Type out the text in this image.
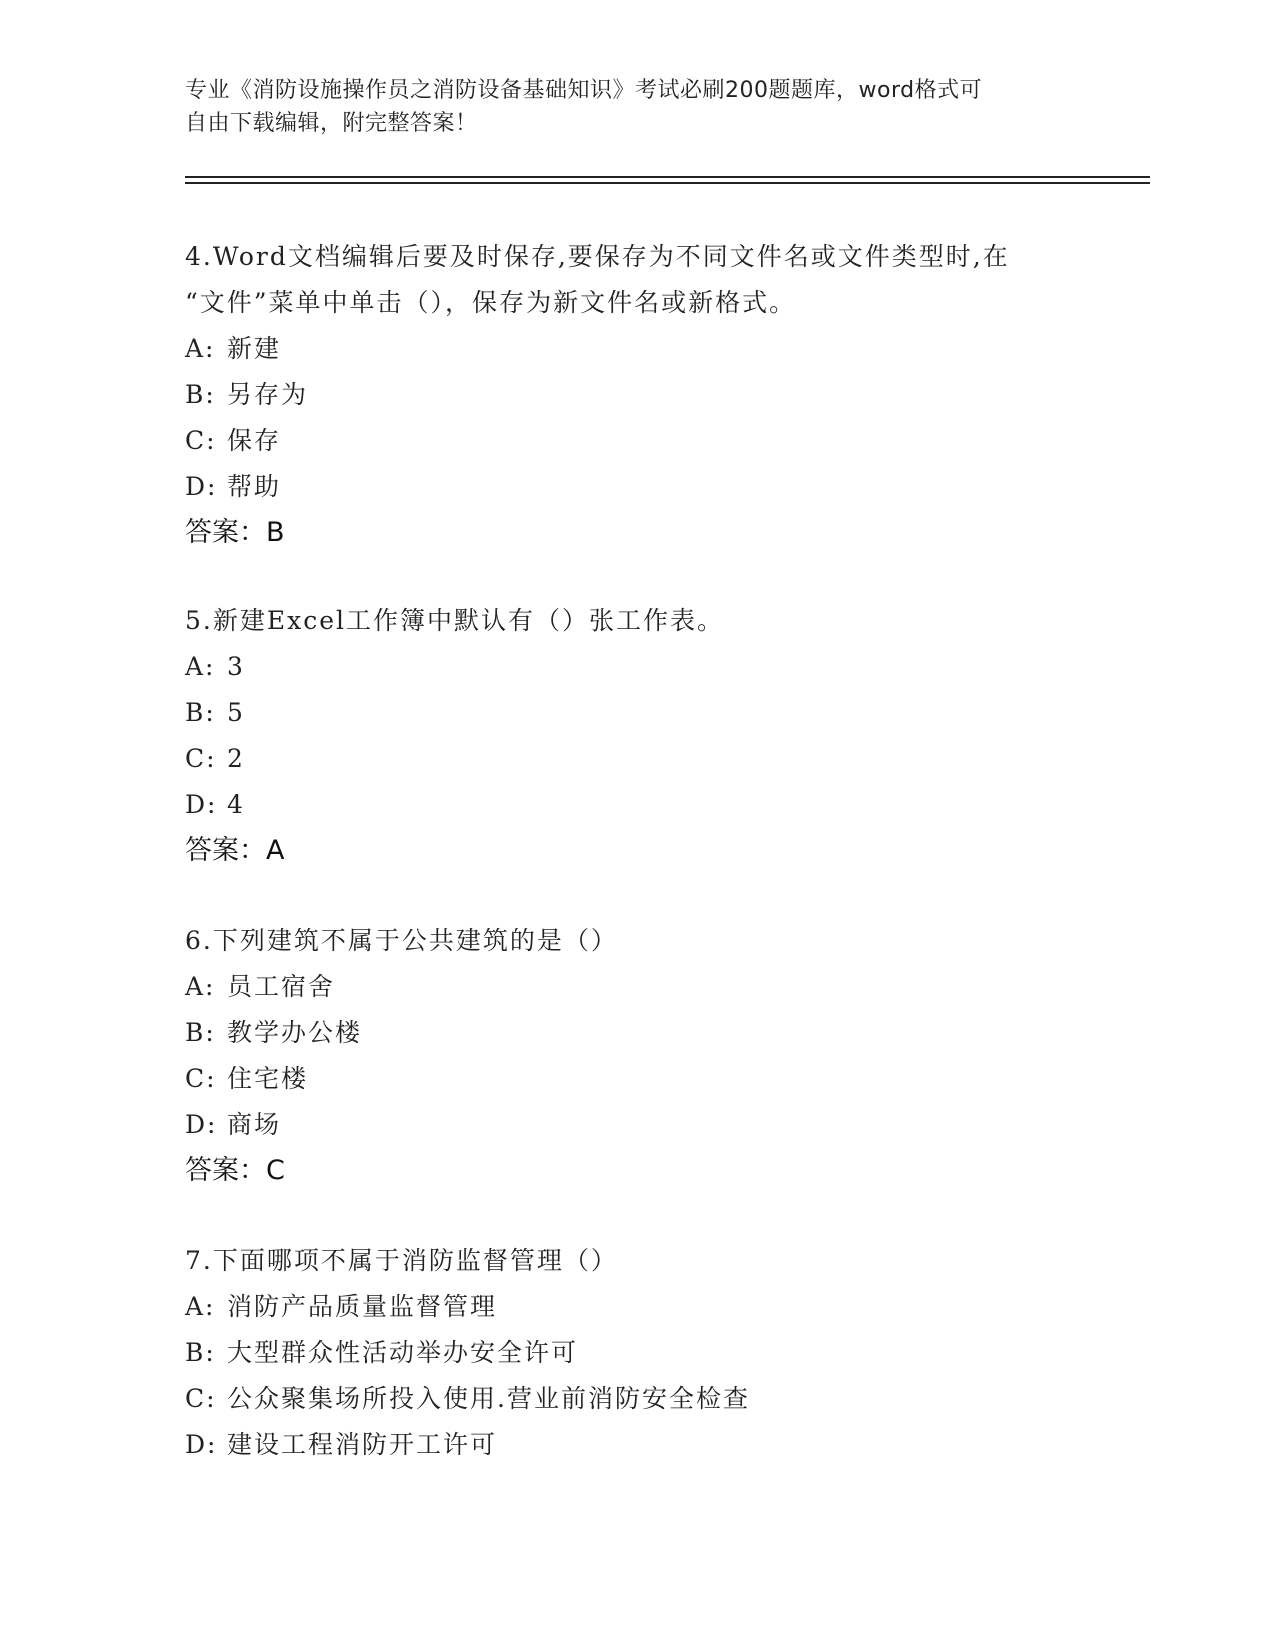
专业《消防设施操作员之消防设备基础知识》考试必刷200题题库，word格式可
自由下载编辑，附完整答案！
4.Word文档编辑后要及时保存,要保存为不同文件名或文件类型时,在
“文件”菜单中单击（），保存为新文件名或新格式。
A: 新建
B: 另存为
C: 保存
D: 帮助
答案：B
5.新建Excel工作簿中默认有（）张工作表。
A: 3
B: 5
C: 2
D: 4
答案：A
6.下列建筑不属于公共建筑的是（）
A: 员工宿舍
B: 教学办公楼
C: 住宅楼
D: 商场
答案：C
7.下面哪项不属于消防监督管理（）
A: 消防产品质量监督管理
B: 大型群众性活动举办安全许可
C: 公众聚集场所投入使用.营业前消防安全检查
D: 建设工程消防开工许可
